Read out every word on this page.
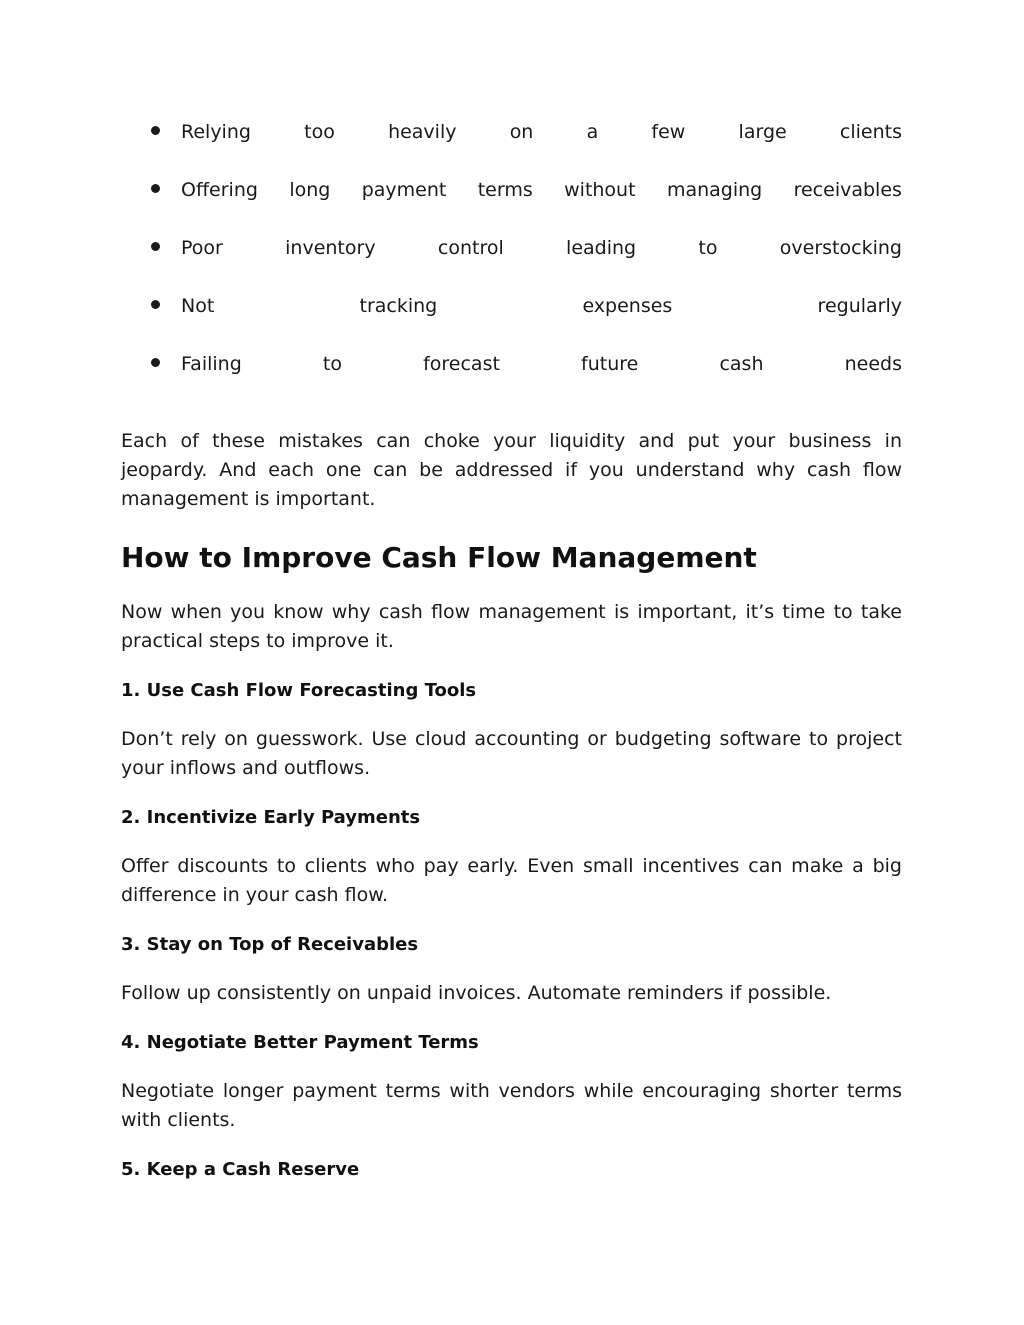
Relying	too	heavily	on	a	few	large	clients
Offering long payment terms without managing receivables
Poor	inventory	control	leading	to	overstocking
Not	tracking	expenses	regularly
Failing	to	forecast	future	cash	needs

Each of these mistakes can choke your liquidity and put your business in jeopardy. And each one can be addressed if you understand why cash flow management is important.

How to Improve Cash Flow Management

Now when you know why cash flow management is important, it’s time to take practical steps to improve it.

1. Use Cash Flow Forecasting Tools

Don’t rely on guesswork. Use cloud accounting or budgeting software to project your inflows and outflows.

2. Incentivize Early Payments

Offer discounts to clients who pay early. Even small incentives can make a big difference in your cash flow.

3. Stay on Top of Receivables

Follow up consistently on unpaid invoices. Automate reminders if possible.

4. Negotiate Better Payment Terms

Negotiate longer payment terms with vendors while encouraging shorter terms with clients.

5. Keep a Cash Reserve
